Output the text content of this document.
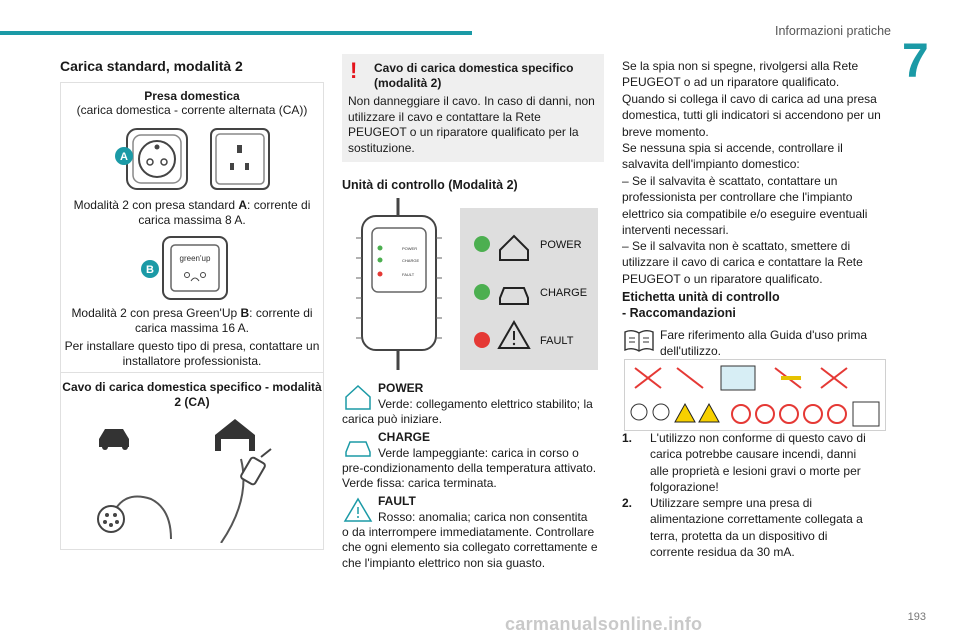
Informazioni pratiche
7
Carica standard, modalità 2
Presa domestica
(carica domestica - corrente alternata (CA))
A
Modalità 2 con presa standard A: corrente di carica massima 8 A.
green'up
B
Modalità 2 con presa Green'Up B: corrente di carica massima 16 A.
Per installare questo tipo di presa, contattare un installatore professionista.
Cavo di carica domestica specifico - modalità 2 (CA)
! Cavo di carica domestica specifico (modalità 2)
Non danneggiare il cavo. In caso di danni, non utilizzare il cavo e contattare la Rete PEUGEOT o un riparatore qualificato per la sostituzione.
Unità di controllo (Modalità 2)
POWER
CHARGE
FAULT
POWER
CHARGE
FAULT
POWER
Verde: collegamento elettrico stabilito; la
carica può iniziare.
CHARGE
Verde lampeggiante: carica in corso o
pre-condizionamento della temperatura attivato. Verde fissa: carica terminata.
FAULT
Rosso: anomalia; carica non consentita
o da interrompere immediatamente. Controllare che ogni elemento sia collegato correttamente e che l'impianto elettrico non sia guasto.
Se la spia non si spegne, rivolgersi alla Rete PEUGEOT o ad un riparatore qualificato.
Quando si collega il cavo di carica ad una presa domestica, tutti gli indicatori si accendono per un breve momento.
Se nessuna spia si accende, controllare il salvavita dell'impianto domestico:
– Se il salvavita è scattato, contattare un professionista per controllare che l'impianto elettrico sia compatibile e/o eseguire eventuali interventi necessari.
– Se il salvavita non è scattato, smettere di utilizzare il cavo di carica e contattare la Rete PEUGEOT o un riparatore qualificato.
Etichetta unità di controllo
- Raccomandazioni
Fare riferimento alla Guida d'uso prima dell'utilizzo.
1. L'utilizzo non conforme di questo cavo di carica potrebbe causare incendi, danni alle proprietà e lesioni gravi o morte per folgorazione!
2. Utilizzare sempre una presa di alimentazione correttamente collegata a terra, protetta da un dispositivo di corrente residua da 30 mA.
carmanualsonline.info	193
